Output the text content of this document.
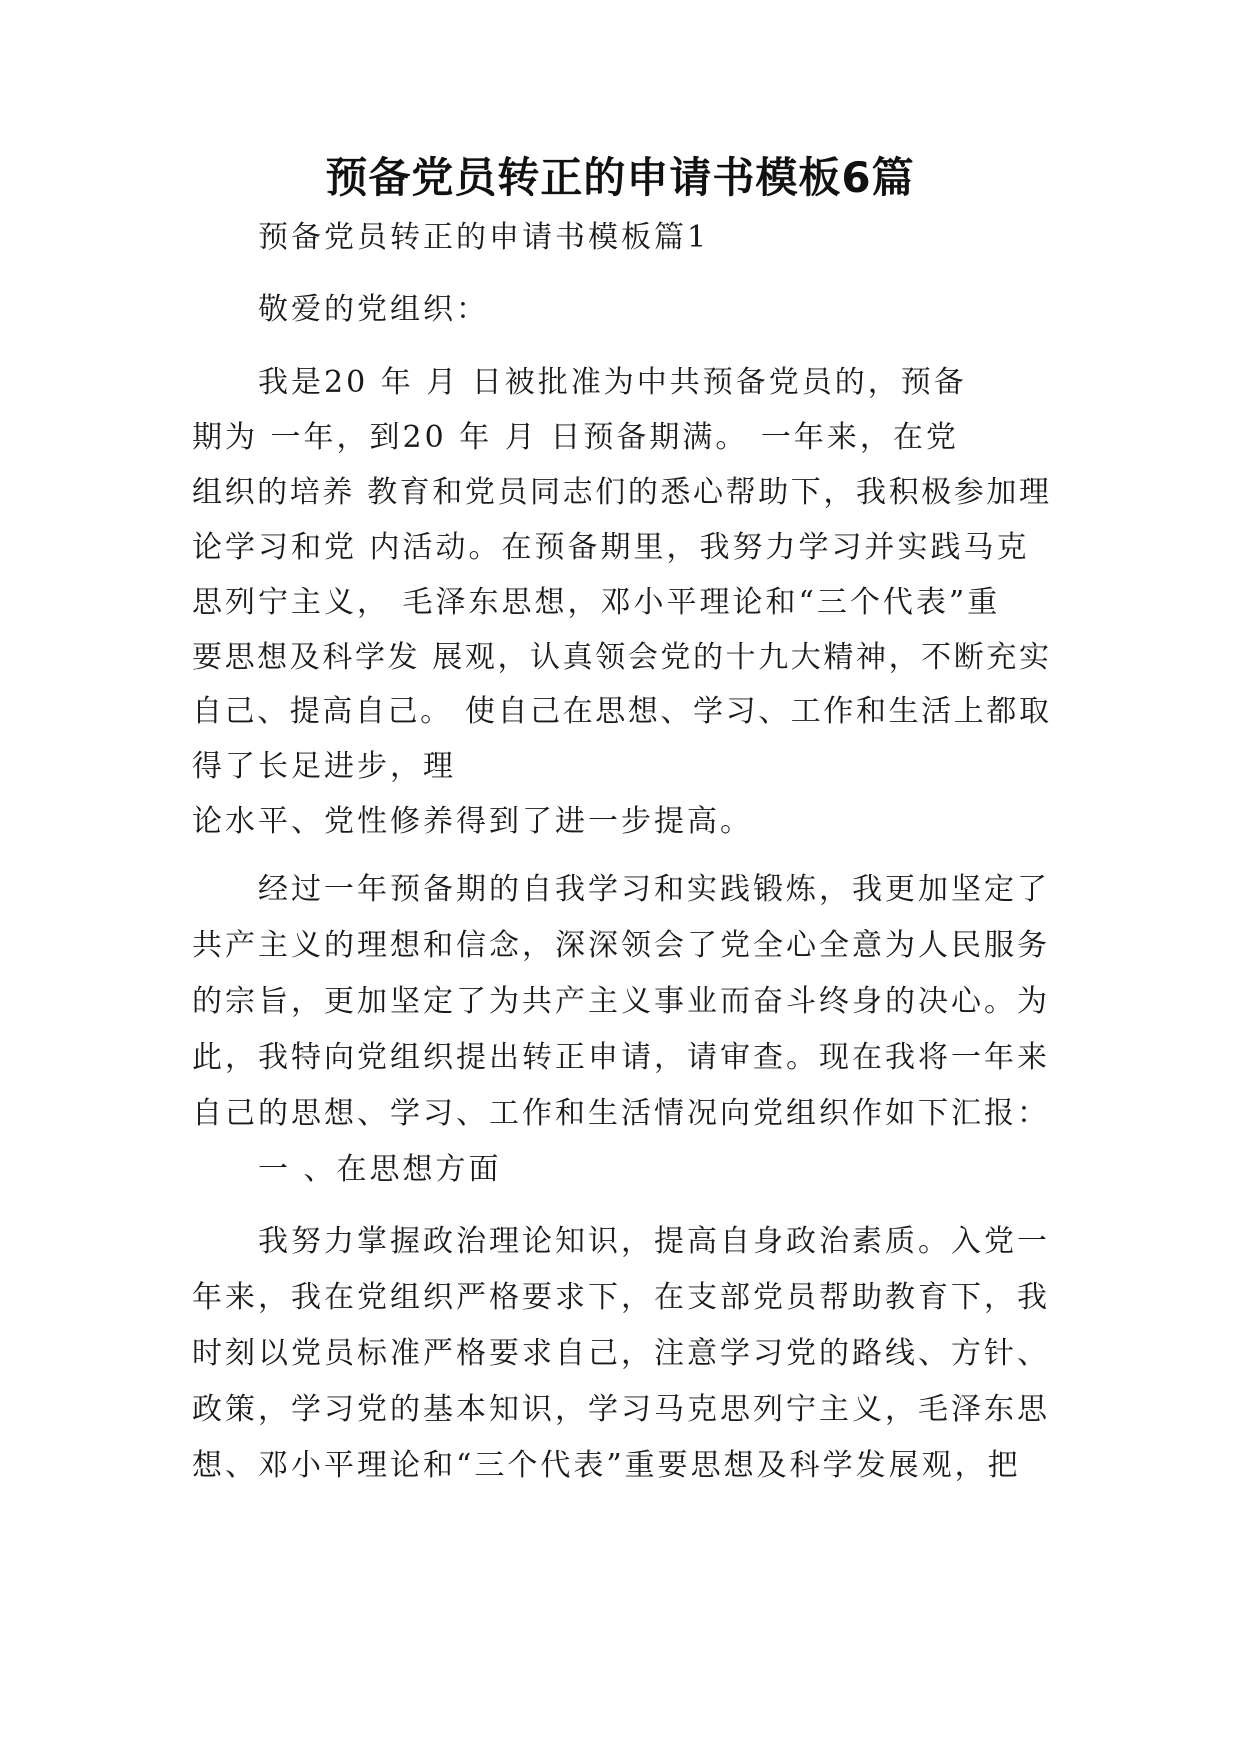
预备党员转正的申请书模板6篇

预备党员转正的申请书模板篇1

敬爱的党组织：

我是20 年 月 日被批准为中共预备党员的，预备

期为 一年，到20 年 月 日预备期满。 一年来，在党

组织的培养 教育和党员同志们的悉心帮助下，我积极参加理

论学习和党 内活动。在预备期里，我努力学习并实践马克

思列宁主义， 毛泽东思想，邓小平理论和“三个代表”重

要思想及科学发 展观，认真领会党的十九大精神，不断充实

自己、提高自己。 使自己在思想、学习、工作和生活上都取

得了长足进步，理

论水平、党性修养得到了进一步提高。

经过一年预备期的自我学习和实践锻炼，我更加坚定了

共产主义的理想和信念，深深领会了党全心全意为人民服务

的宗旨，更加坚定了为共产主义事业而奋斗终身的决心。为

此，我特向党组织提出转正申请，请审查。现在我将一年来

自己的思想、学习、工作和生活情况向党组织作如下汇报：

一 、在思想方面

我努力掌握政治理论知识，提高自身政治素质。入党一

年来，我在党组织严格要求下，在支部党员帮助教育下，我

时刻以党员标准严格要求自己，注意学习党的路线、方针、

政策，学习党的基本知识，学习马克思列宁主义，毛泽东思

想、邓小平理论和“三个代表”重要思想及科学发展观，把
